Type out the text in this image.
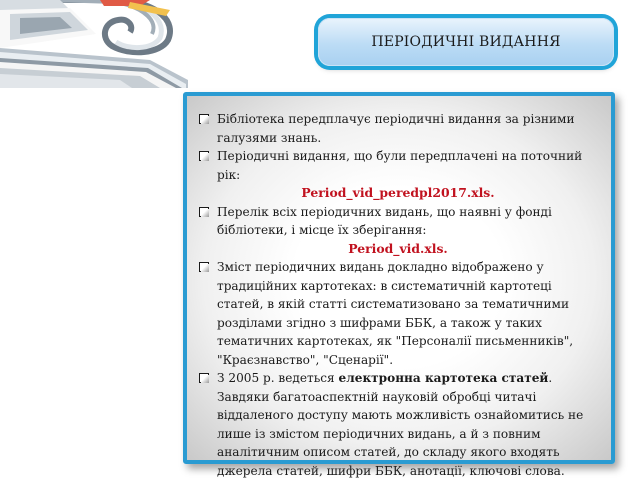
ПЕРІОДИЧНІ ВИДАННЯ
Бібліотека передплачує періодичні видання за різними галузями знань.
Періодичні видання, що були передплачені на поточний рік:
Period_vid_peredpl2017.xls.
Перелік всіх періодичних видань, що наявні у фонді бібліотеки, і місце їх зберігання:
Period_vid.xls.
Зміст періодичних видань докладно відображено у традиційних картотеках: в систематичній картотеці статей, в якій статті систематизовано за тематичними розділами згідно з шифрами ББК, а також у таких тематичних картотеках, як "Персоналії письменників", "Краєзнавство", "Сценарії".
З 2005 р. ведеться електронна картотека статей. Завдяки багатоаспектній науковій обробці читачі віддаленого доступу мають можливість ознайомитись не лише із змістом періодичних видань, а й з повним аналітичним описом статей, до складу якого входять джерела статей, шифри ББК, анотації, ключові слова.
